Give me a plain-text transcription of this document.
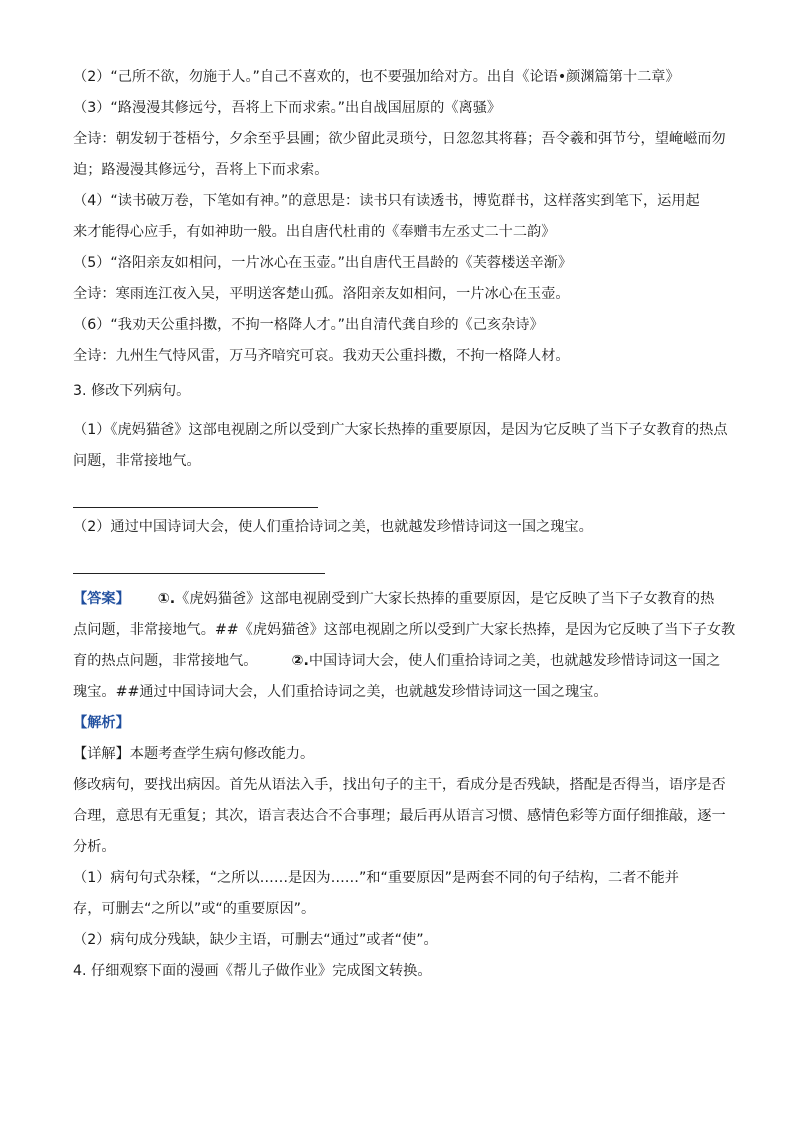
（2）“己所不欲，勿施于人。”自己不喜欢的，也不要强加给对方。出自《论语•颜渊篇第十二章》
（3）“路漫漫其修远兮，吾将上下而求索。”出自战国屈原的《离骚》
全诗：朝发轫于苍梧兮，夕余至乎县圃；欲少留此灵琐兮，日忽忽其将暮；吾令羲和弭节兮，望崦嵫而勿
迫；路漫漫其修远兮，吾将上下而求索。
（4）“读书破万卷，下笔如有神。”的意思是：读书只有读透书，博览群书，这样落实到笔下，运用起
来才能得心应手，有如神助一般。出自唐代杜甫的《奉赠韦左丞丈二十二韵》
（5）“洛阳亲友如相问，一片冰心在玉壶。”出自唐代王昌龄的《芙蓉楼送辛渐》
全诗：寒雨连江夜入吴，平明送客楚山孤。洛阳亲友如相问，一片冰心在玉壶。
（6）“我劝天公重抖擞，不拘一格降人才。”出自清代龚自珍的《己亥杂诗》
全诗：九州生气恃风雷，万马齐喑究可哀。我劝天公重抖擞，不拘一格降人材。
3. 修改下列病句。
（1）《虎妈猫爸》这部电视剧之所以受到广大家长热捧的重要原因，是因为它反映了当下子女教育的热点
问题，非常接地气。
（2）通过中国诗词大会，使人们重拾诗词之美，也就越发珍惜诗词这一国之瑰宝。
【答案】 ①.《虎妈猫爸》这部电视剧受到广大家长热捧的重要原因，是它反映了当下子女教育的热
点问题，非常接地气。##《虎妈猫爸》这部电视剧之所以受到广大家长热捧，是因为它反映了当下子女教
育的热点问题，非常接地气。 ②.中国诗词大会，使人们重拾诗词之美，也就越发珍惜诗词这一国之
瑰宝。##通过中国诗词大会，人们重拾诗词之美，也就越发珍惜诗词这一国之瑰宝。
【解析】
【详解】本题考查学生病句修改能力。
修改病句，要找出病因。首先从语法入手，找出句子的主干，看成分是否残缺，搭配是否得当，语序是否
合理，意思有无重复；其次，语言表达合不合事理；最后再从语言习惯、感情色彩等方面仔细推敲，逐一
分析。
（1）病句句式杂糅，“之所以……是因为……”和“重要原因”是两套不同的句子结构，二者不能并
存，可删去“之所以”或“的重要原因”。
（2）病句成分残缺，缺少主语，可删去“通过”或者“使”。
4. 仔细观察下面的漫画《帮儿子做作业》完成图文转换。
